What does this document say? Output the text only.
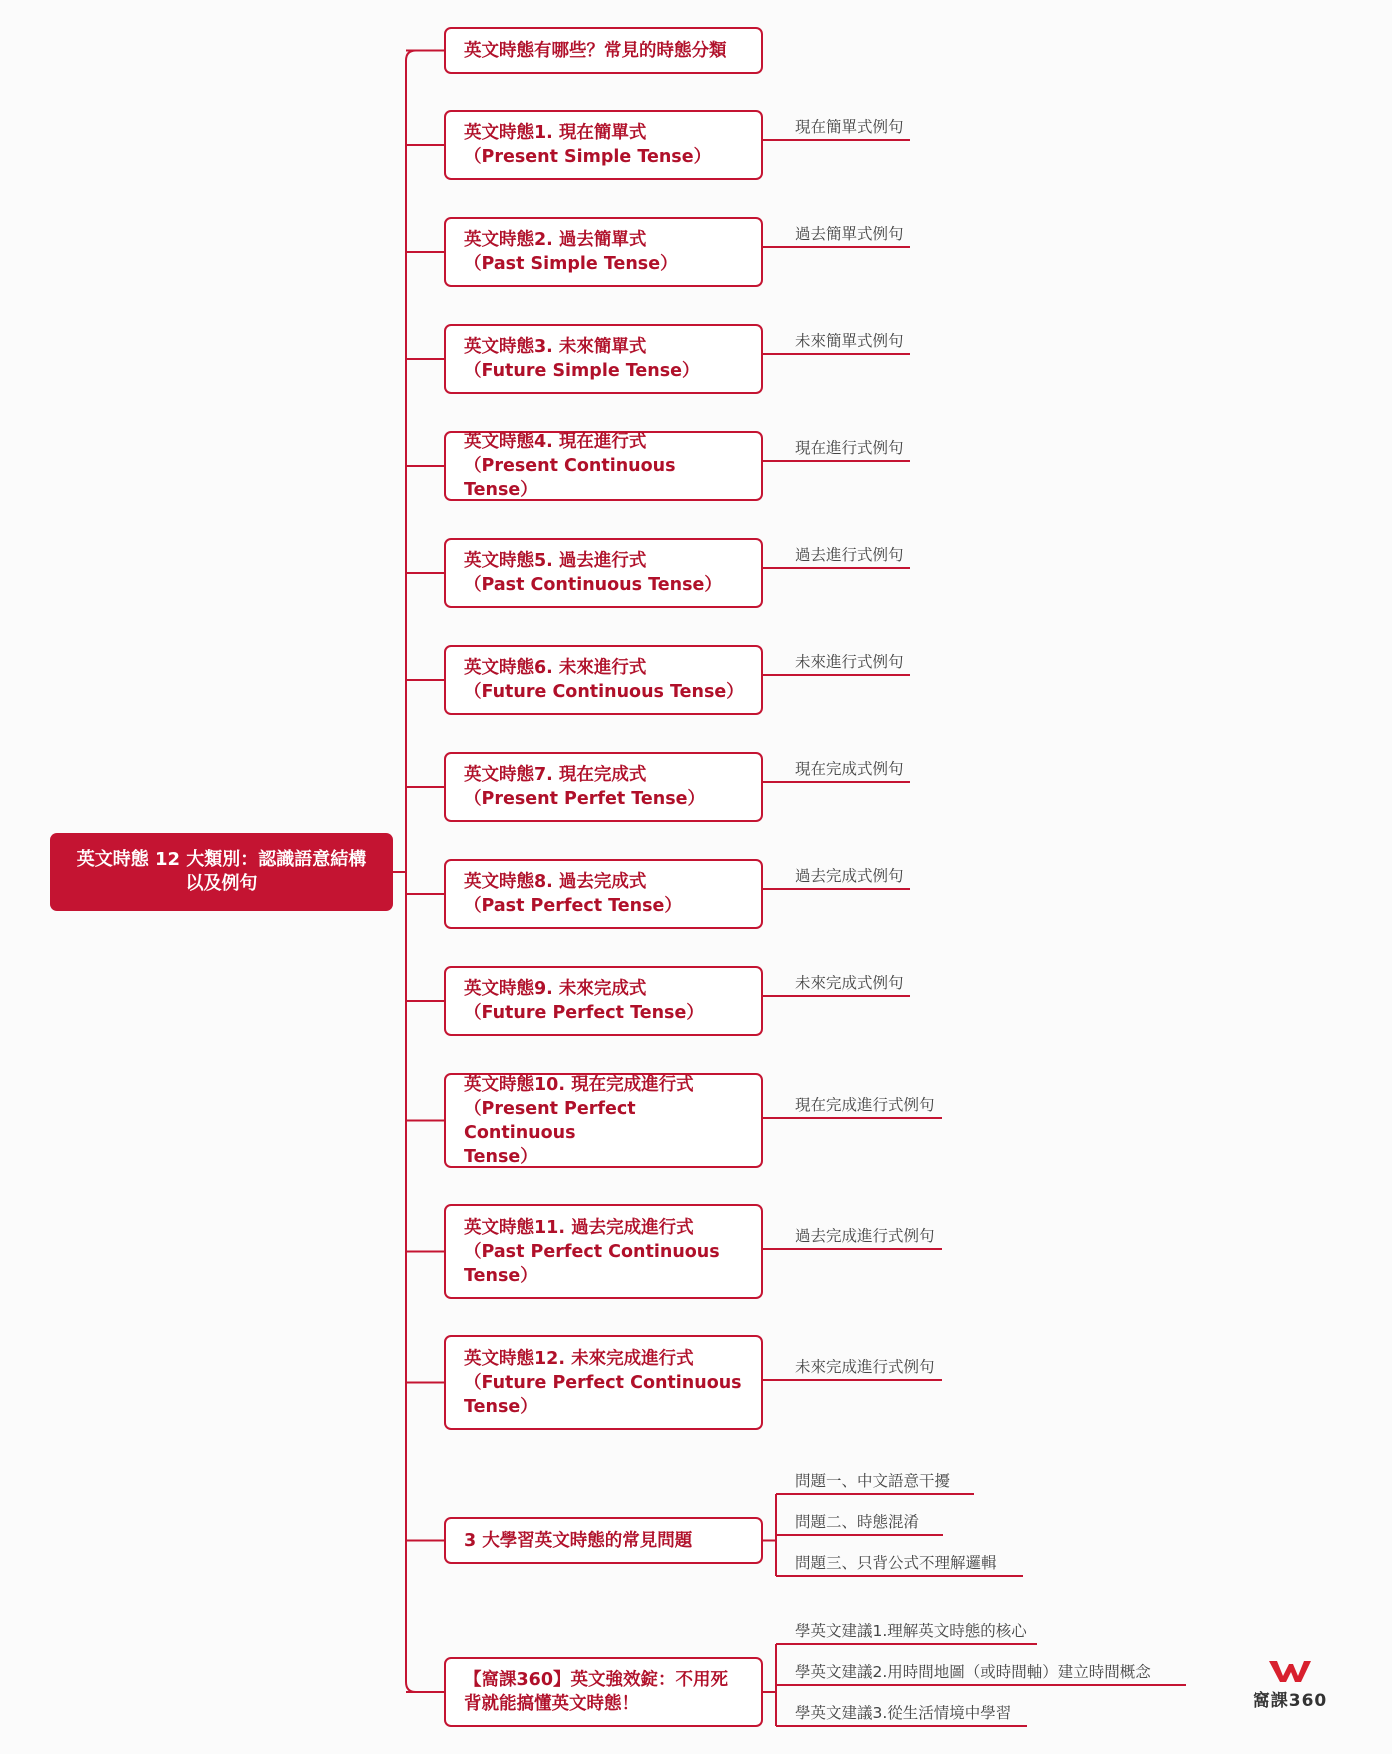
英文時態 12 大類別：認識語意結構
以及例句
英文時態有哪些？常見的時態分類
英文時態1. 現在簡單式
（Present Simple Tense）
英文時態2. 過去簡單式
（Past Simple Tense）
英文時態3. 未來簡單式
（Future Simple Tense）
英文時態4. 現在進行式
（Present Continuous Tense）
英文時態5. 過去進行式
（Past Continuous Tense）
英文時態6. 未來進行式
（Future Continuous Tense）
英文時態7. 現在完成式
（Present Perfet Tense）
英文時態8. 過去完成式
（Past Perfect Tense）
英文時態9. 未來完成式
（Future Perfect Tense）
英文時態10. 現在完成進行式
（Present Perfect Continuous
Tense）
英文時態11. 過去完成進行式
（Past Perfect Continuous
Tense）
英文時態12. 未來完成進行式
（Future Perfect Continuous
Tense）
3 大學習英文時態的常見問題
【窩課360】英文強效錠：不用死
背就能搞懂英文時態！
現在簡單式例句
過去簡單式例句
未來簡單式例句
現在進行式例句
過去進行式例句
未來進行式例句
現在完成式例句
過去完成式例句
未來完成式例句
現在完成進行式例句
過去完成進行式例句
未來完成進行式例句
問題一、中文語意干擾
問題二、時態混淆
問題三、只背公式不理解邏輯
學英文建議1.理解英文時態的核心
學英文建議2.用時間地圖（或時間軸）建立時間概念
學英文建議3.從生活情境中學習
窩課360
